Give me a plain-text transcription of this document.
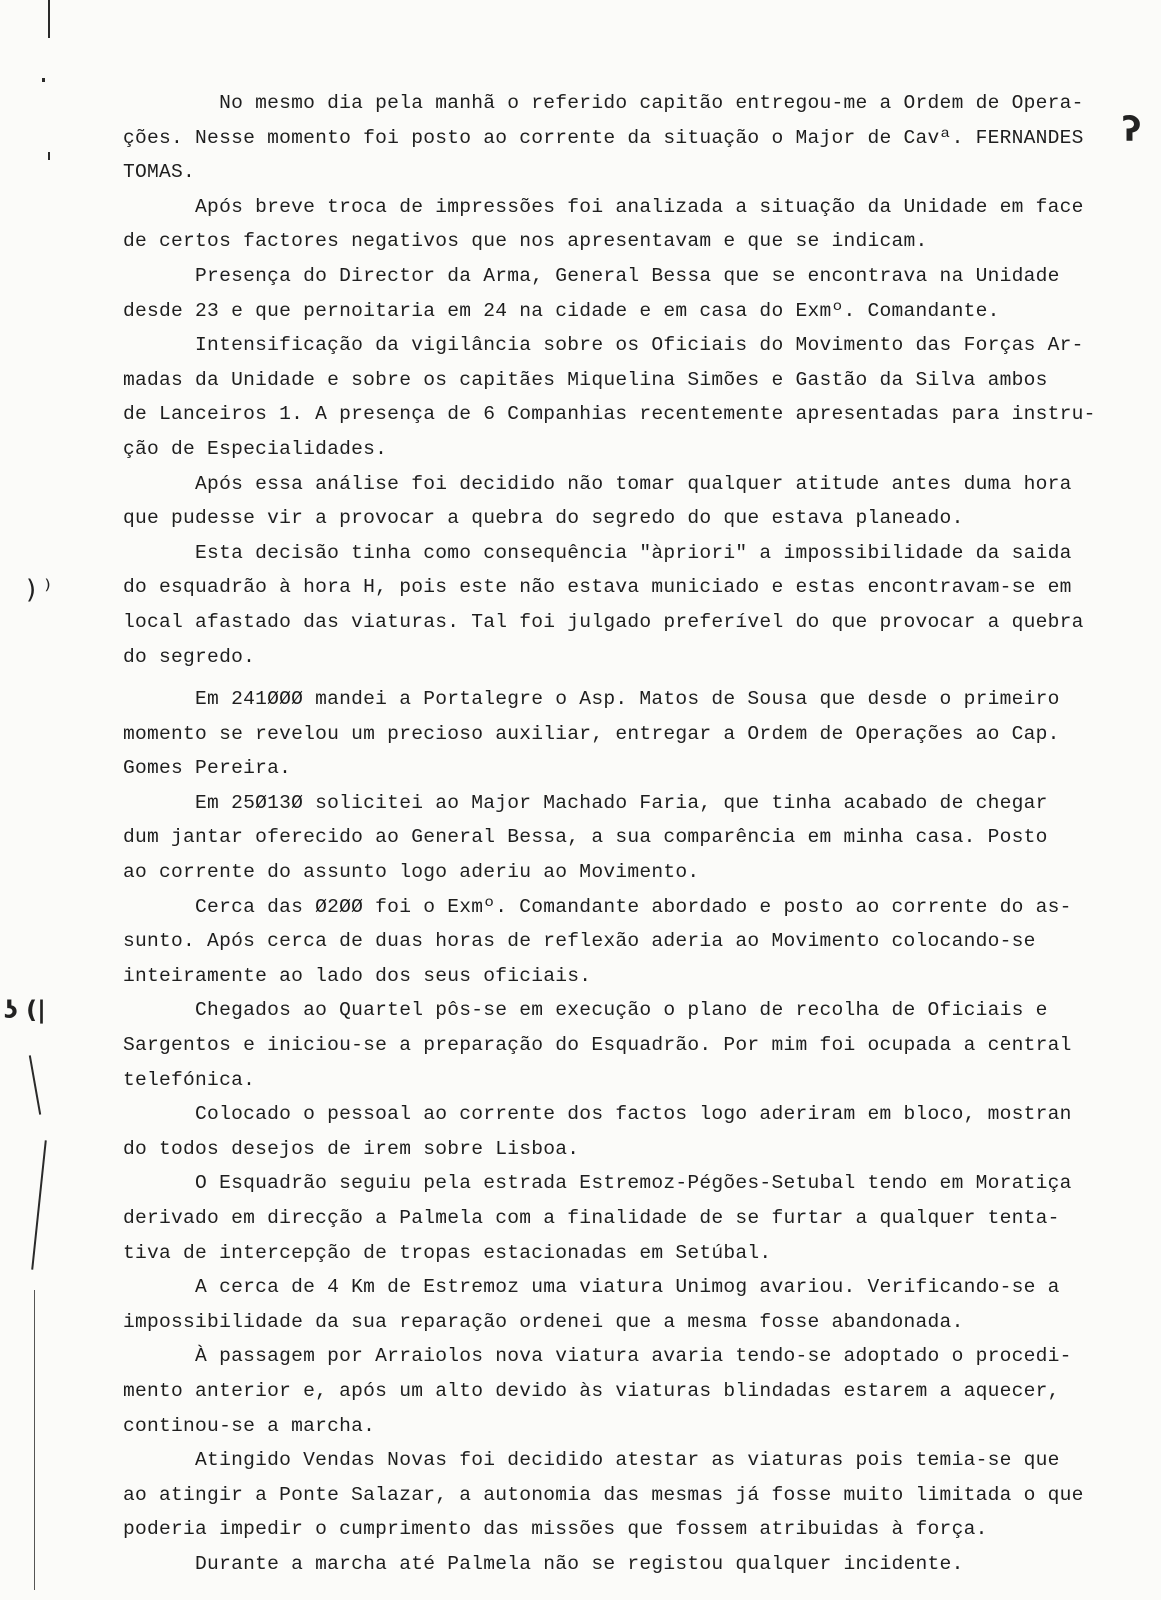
) ⁾
ʖ (|
ʔ
No mesmo dia pela manhã o referido capitão entregou-me a Ordem de Opera-
ções. Nesse momento foi posto ao corrente da situação o Major de Cavª. FERNANDES
TOMAS.
Após breve troca de impressões foi analizada a situação da Unidade em face
de certos factores negativos que nos apresentavam e que se indicam.
Presença do Director da Arma, General Bessa que se encontrava na Unidade
desde 23 e que pernoitaria em 24 na cidade e em casa do Exmº. Comandante.
Intensificação da vigilância sobre os Oficiais do Movimento das Forças Ar-
madas da Unidade e sobre os capitães Miquelina Simões e Gastão da Silva ambos
de Lanceiros 1. A presença de 6 Companhias recentemente apresentadas para instru-
ção de Especialidades.
Após essa análise foi decidido não tomar qualquer atitude antes duma hora
que pudesse vir a provocar a quebra do segredo do que estava planeado.
Esta decisão tinha como consequência "àpriori" a impossibilidade da saida
do esquadrão à hora H, pois este não estava municiado e estas encontravam-se em
local afastado das viaturas. Tal foi julgado preferível do que provocar a quebra
do segredo.
Em 241ØØØ mandei a Portalegre o Asp. Matos de Sousa que desde o primeiro
momento se revelou um precioso auxiliar, entregar a Ordem de Operações ao Cap.
Gomes Pereira.
Em 25Ø13Ø solicitei ao Major Machado Faria, que tinha acabado de chegar
dum jantar oferecido ao General Bessa, a sua comparência em minha casa. Posto
ao corrente do assunto logo aderiu ao Movimento.
Cerca das Ø2ØØ foi o Exmº. Comandante abordado e posto ao corrente do as-
sunto. Após cerca de duas horas de reflexão aderia ao Movimento colocando-se
inteiramente ao lado dos seus oficiais.
Chegados ao Quartel pôs-se em execução o plano de recolha de Oficiais e
Sargentos e iniciou-se a preparação do Esquadrão. Por mim foi ocupada a central
telefónica.
Colocado o pessoal ao corrente dos factos logo aderiram em bloco, mostran
do todos desejos de irem sobre Lisboa.
O Esquadrão seguiu pela estrada Estremoz-Pégões-Setubal tendo em Moratiça
derivado em direcção a Palmela com a finalidade de se furtar a qualquer tenta-
tiva de intercepção de tropas estacionadas em Setúbal.
A cerca de 4 Km de Estremoz uma viatura Unimog avariou. Verificando-se a
impossibilidade da sua reparação ordenei que a mesma fosse abandonada.
À passagem por Arraiolos nova viatura avaria tendo-se adoptado o procedi-
mento anterior e, após um alto devido às viaturas blindadas estarem a aquecer,
continou-se a marcha.
Atingido Vendas Novas foi decidido atestar as viaturas pois temia-se que
ao atingir a Ponte Salazar, a autonomia das mesmas já fosse muito limitada o que
poderia impedir o cumprimento das missões que fossem atribuidas à força.
Durante a marcha até Palmela não se registou qualquer incidente.
